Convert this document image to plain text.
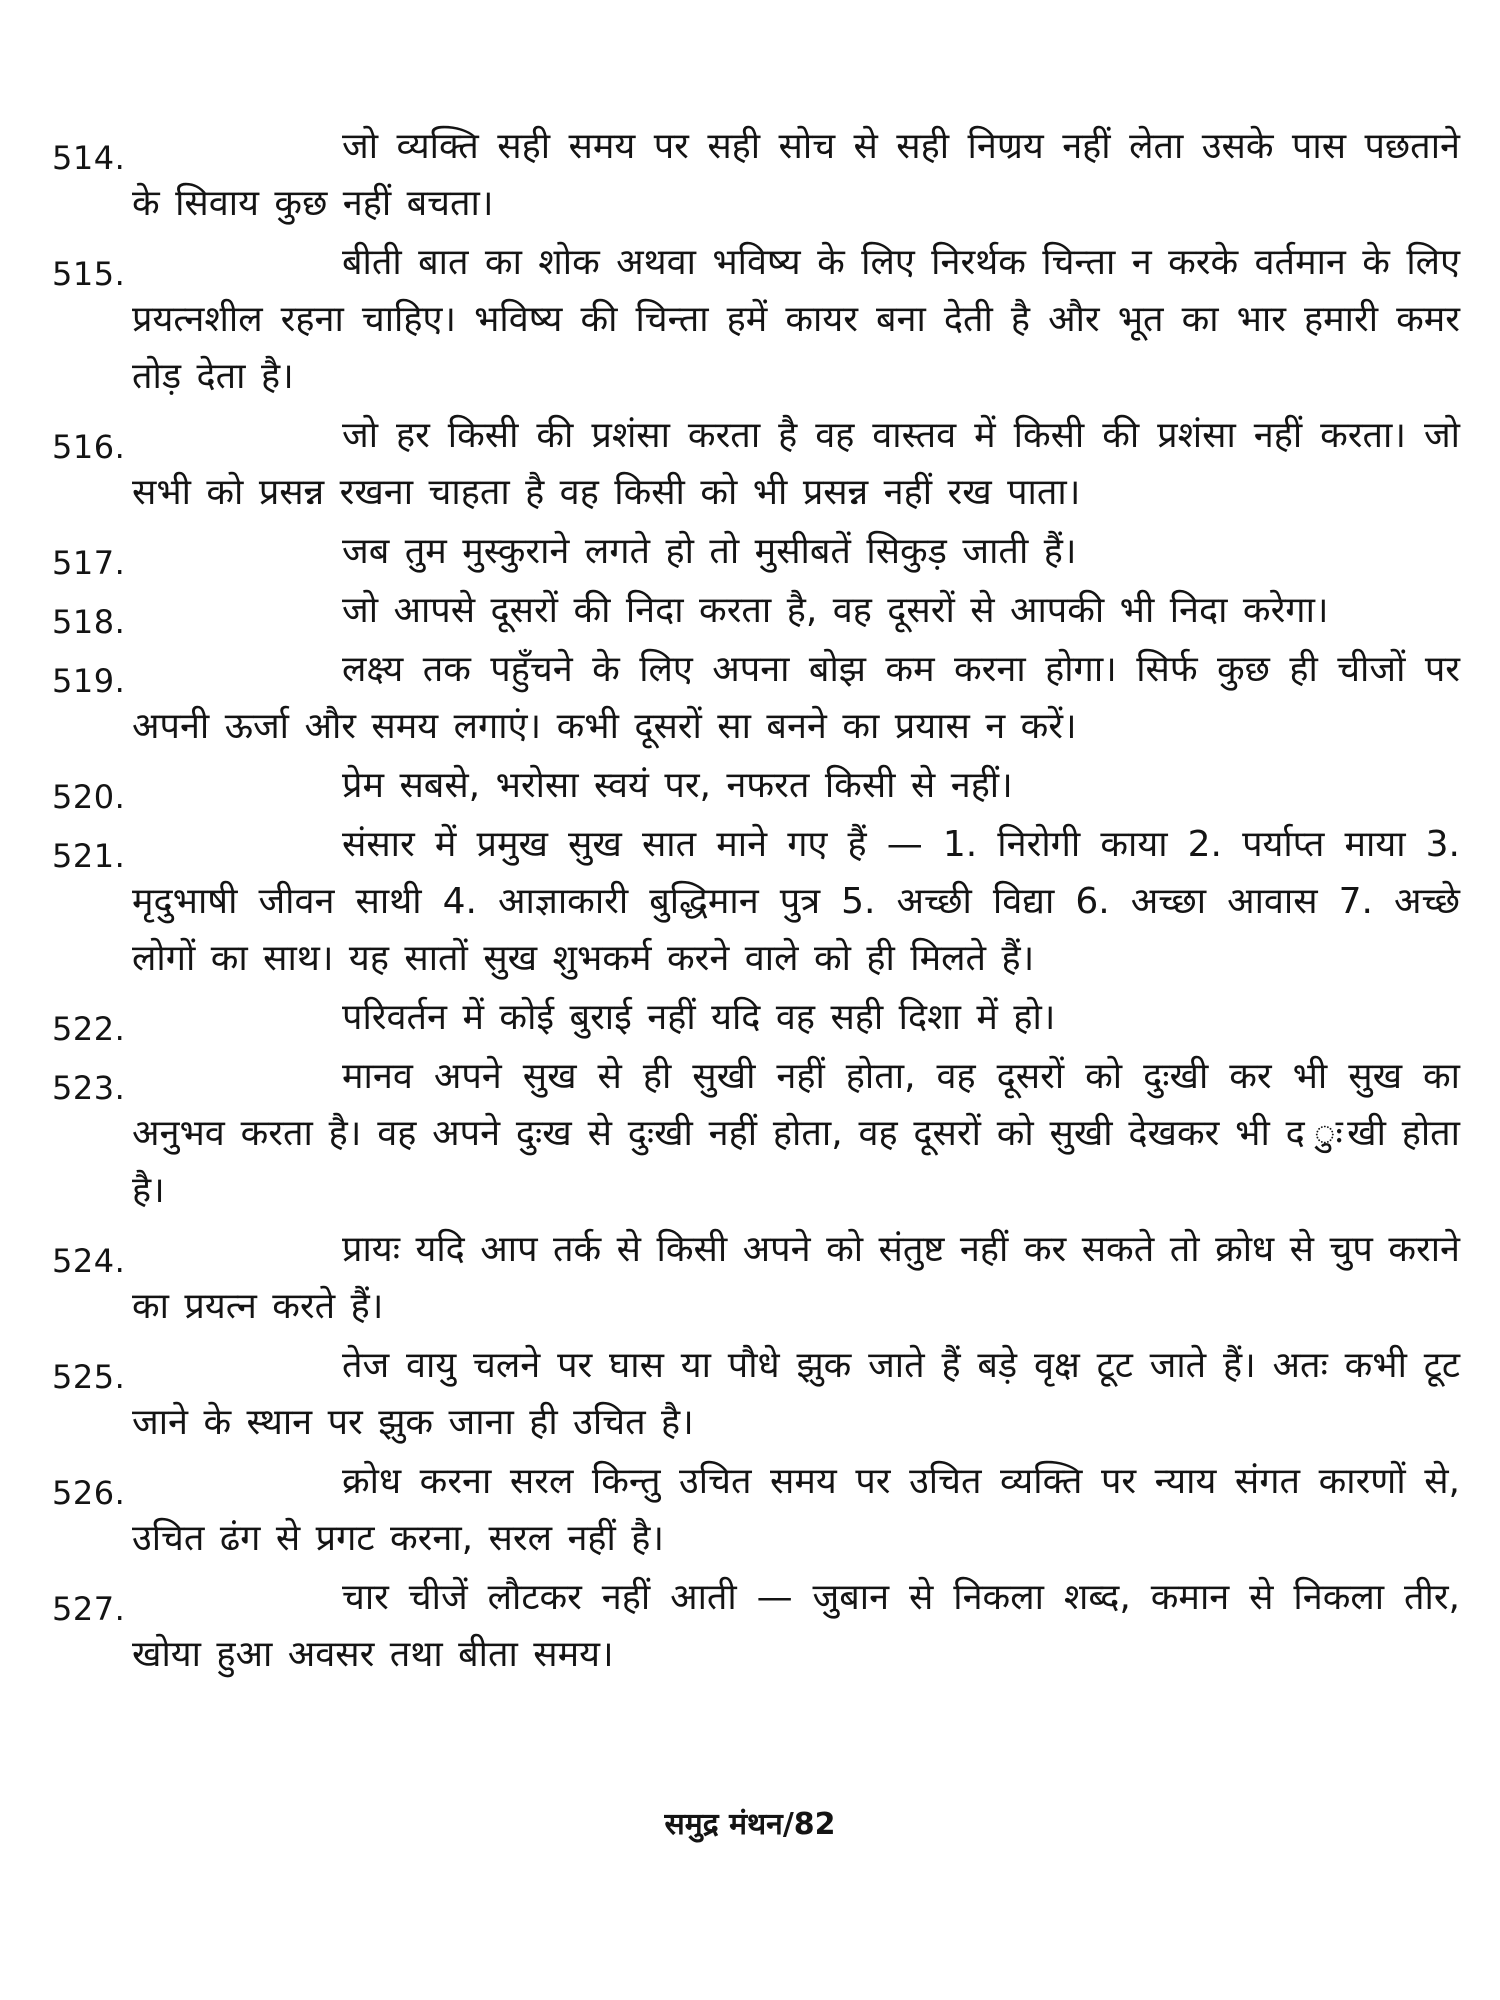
514.	जो व्यक्ति सही समय पर सही सोच से सही निण्रय नहीं लेता उसके पास पछताने के सिवाय कुछ नहीं बचता।

515.	बीती बात का शोक अथवा भविष्य के लिए निरर्थक चिन्ता न करके वर्तमान के लिए प्रयत्नशील रहना चाहिए। भविष्य की चिन्ता हमें कायर बना देती है और भूत का भार हमारी कमर तोड़ देता है।

516.	जो हर किसी की प्रशंसा करता है वह वास्तव में किसी की प्रशंसा नहीं करता। जो सभी को प्रसन्न रखना चाहता है वह किसी को भी प्रसन्न नहीं रख पाता।

517.	जब तुम मुस्कुराने लगते हो तो मुसीबतें सिकुड़ जाती हैं।

518.	जो आपसे दूसरों की निदा करता है, वह दूसरों से आपकी भी निदा करेगा।

519.	लक्ष्य तक पहुँचने के लिए अपना बोझ कम करना होगा। सिर्फ कुछ ही चीजों पर अपनी ऊर्जा और समय लगाएं। कभी दूसरों सा बनने का प्रयास न करें।

520.	प्रेम सबसे, भरोसा स्वयं पर, नफरत किसी से नहीं।

521.	संसार में प्रमुख सुख सात माने गए हैं — 1. निरोगी काया 2. पर्याप्त माया 3. मृदुभाषी जीवन साथी 4. आज्ञाकारी बुद्धिमान पुत्र 5. अच्छी विद्या 6. अच्छा आवास 7. अच्छे लोगों का साथ। यह सातों सुख शुभकर्म करने वाले को ही मिलते हैं।

522.	परिवर्तन में कोई बुराई नहीं यदि वह सही दिशा में हो।

523.	मानव अपने सुख से ही सुखी नहीं होता, वह दूसरों को दुःखी कर भी सुख का अनुभव करता है। वह अपने दुःख से दुःखी नहीं होता, वह दूसरों को सुखी देखकर भी द ुःखी होता है।

524.	प्रायः यदि आप तर्क से किसी अपने को संतुष्ट नहीं कर सकते तो क्रोध से चुप कराने का प्रयत्न करते हैं।

525.	तेज वायु चलने पर घास या पौधे झुक जाते हैं बड़े वृक्ष टूट जाते हैं। अतः कभी टूट जाने के स्थान पर झुक जाना ही उचित है।

526.	क्रोध करना सरल किन्तु उचित समय पर उचित व्यक्ति पर न्याय संगत कारणों से, उचित ढंग से प्रगट करना, सरल नहीं है।

527.	चार चीजें लौटकर नहीं आती — जुबान से निकला शब्द, कमान से निकला तीर, खोया हुआ अवसर तथा बीता समय।

समुद्र मंथन/82
